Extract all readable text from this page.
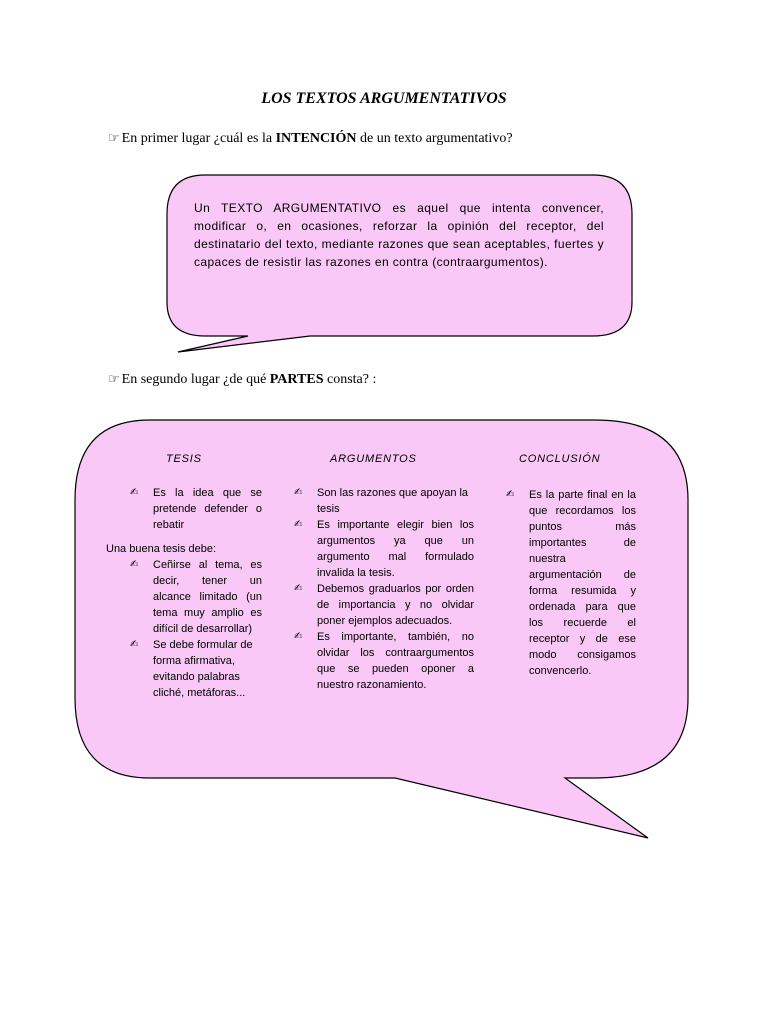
LOS TEXTOS ARGUMENTATIVOS
☞ En primer lugar ¿cuál es la INTENCIÓN de un texto argumentativo?
Un TEXTO ARGUMENTATIVO es aquel que intenta convencer, modificar o, en ocasiones, reforzar la opinión del receptor, del destinatario del texto, mediante razones que sean aceptables, fuertes y capaces de resistir las razones en contra (contraargumentos).
☞ En segundo lugar ¿de qué PARTES consta? :
TESIS	ARGUMENTOS	CONCLUSIÓN
✍ Es la idea que se pretende defender o rebatir
Una buena tesis debe:
✍ Ceñirse al tema, es decir, tener un alcance limitado (un tema muy amplio es difícil de desarrollar)
✍ Se debe formular de forma afirmativa, evitando palabras cliché, metáforas...
✍ Son las razones que apoyan la tesis
✍ Es importante elegir bien los argumentos ya que un argumento mal formulado invalida la tesis.
✍ Debemos graduarlos por orden de importancia y no olvidar poner ejemplos adecuados.
✍ Es importante, también, no olvidar los contraargumentos que se pueden oponer a nuestro razonamiento.
✍ Es la parte final en la que recordamos los puntos más importantes de nuestra argumentación de forma resumida y ordenada para que los recuerde el receptor y de ese modo consigamos convencerlo.
